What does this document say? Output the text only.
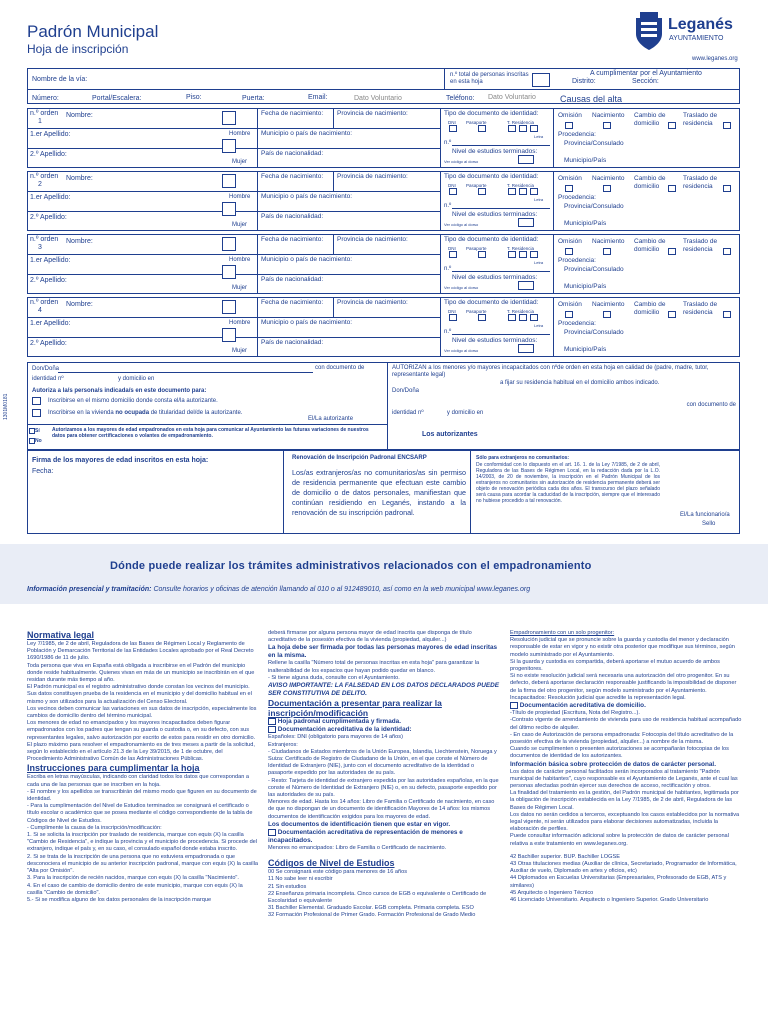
Padrón Municipal
Hoja de inscripción
Leganés
AYUNTAMIENTO
www.leganes.org
Nombre de la vía:
n.º total de personas inscritas en esta hoja
A cumplimentar por el Ayuntamiento
Distrito:	Sección:
Número:	Portal/Escalera:	Piso:	Puerta:	Email:	Dato Voluntario	Teléfono: Dato Voluntario	Causas del alta
n.º orden
1
Nombre:
1.er Apellido:
2.º Apellido:
Hombre
Mujer
Fecha de nacimiento: Provincia de nacimiento:
Municipio o país de nacimiento:
País de nacionalidad:
Tipo de documento de identidad:
DNI Pasaporte	T. Residencia
Letra
n.º
Nivel de estudios terminados:
Ver código al dorso
Omisión Nacimiento Cambio de domicilio
Traslado de residencia
Procedencia:
Provincia/Consulado
Municipio/País
n.º orden
2
Nombre:
1.er Apellido:
2.º Apellido:
Hombre
Mujer
Fecha de nacimiento: Provincia de nacimiento:
Municipio o país de nacimiento:
País de nacionalidad:
Tipo de documento de identidad:
DNI Pasaporte	T. Residencia
Letra
n.º
Nivel de estudios terminados:
Ver código al dorso
Omisión Nacimiento Cambio de domicilio
Traslado de residencia
Procedencia:
Provincia/Consulado
Municipio/País
n.º orden
3
Nombre:
1.er Apellido:
2.º Apellido:
Hombre
Mujer
Fecha de nacimiento: Provincia de nacimiento:
Municipio o país de nacimiento:
País de nacionalidad:
Tipo de documento de identidad:
DNI Pasaporte	T. Residencia
Letra
n.º
Nivel de estudios terminados:
Ver código al dorso
Omisión Nacimiento Cambio de domicilio
Traslado de residencia
Procedencia:
Provincia/Consulado
Municipio/País
n.º orden
4
Nombre:
1.er Apellido:
2.º Apellido:
Hombre
Mujer
Fecha de nacimiento: Provincia de nacimiento:
Municipio o país de nacimiento:
País de nacionalidad:
Tipo de documento de identidad:
DNI Pasaporte	T. Residencia
Letra
n.º
Nivel de estudios terminados:
Ver código al dorso
Omisión Nacimiento Cambio de domicilio
Traslado de residencia
Procedencia:
Provincia/Consulado
Municipio/País
Don/Doña	con documento de
identidad nº	y domicilio en
Autoriza a la/s persona/s indicada/s en este documento para:
Inscribirse en el mismo domicilio donde consta el/la autorizante.
Inscribirse en la vivienda no ocupada de titularidad del/de la autorizante.
El/La autorizante
Sí
No
Autorizamos a los mayores de edad empadronados en esta hoja para comunicar al Ayuntamiento las futuras variaciones de nuestros datos para obtener certificaciones o volantes de empadronamiento.
AUTORIZAN a los menores y/o mayores incapacitados con nºde orden en esta hoja en calidad de (padre, madre, tutor, representante legal)
a fijar su residencia habitual en el domicilio ambos indicado.
Don/Doña
con documento de
identidad nº	y domicilio en
Los autorizantes
Firma de los mayores de edad inscritos en esta hoja:
Fecha:
Renovación de Inscripción Padronal ENCSARP
Los/as extranjeros/as no comunitarios/as sin permiso de residencia permanente que efectuan este cambio de domicilio o de datos personales, manifiestan que continúan residiendo en Leganés, instando a la renovación de su inscripción padronal.
Sólo para extranjeros no comunitarios:
De conformidad con lo dispuesto en el art. 16. 1. de la Ley 7/1985, de 2 de abril, Reguladora de las Bases de Régimen Local, en la redacción dada por la L.O. 14/2003, de 20 de noviembre, la inscripción en el Padrón Municipal de los extranjeros no comunitarios sin autorización de residencia permanente deberá ser objeto de renovación periódica cada dos años. El transcurso del plazo señalado será causa para acordar la caducidad de la inscripción, siempre que el interesado no hubiese procedido a tal renovación.
El/La funcionario/a
Sello
1301M0181
Dónde puede realizar los trámites administrativos relacionados con el empadronamiento
Información presencial y tramitación: Consulte horarios y oficinas de atención llamando al 010 o al 912489010, así como en la web municipal www.leganes.org
Normativa legal

Ley 7/1985, de 2 de abril, Reguladora de las Bases de Régimen Local y Reglamento de Población y Demarcación Territorial de las Entidades Locales aprobado por el Real Decreto 1690/1986 de 11 de julio.

Toda persona que viva en España está obligada a inscribirse en el Padrón del municipio donde reside habitualmente. Quienes vivan en más de un municipio se inscribirán en el que residan durante más tiempo al año.

El Padrón municipal es el registro administrativo donde constan los vecinos del municipio. Sus datos constituyen prueba de la residencia en el municipio y del domicilio habitual en el mismo y son utilizados para la actualización del Censo Electoral.

Los vecinos deben comunicar las variaciones en sus datos de inscripción, especialmente los cambios de domicilio dentro del término municipal.

Los menores de edad no emancipados y los mayores incapacitados deben figurar empadronados con los padres que tengan su guarda o custodia o, en su defecto, con sus representantes legales, salvo autorización por escrito de estos para residir en otro domicilio. El plazo máximo para resolver el empadronamiento es de tres meses a partir de la solicitud, según lo establecido en el artículo 21.3 de la Ley 39/2015, de 1 de octubre, del Procedimiento Administrativo Común de las Administraciones Públicas.

Instrucciones para cumplimentar la hoja

Escriba en letras mayúsculas, indicando con claridad todos los datos que correspondan a cada una de las personas que se inscriben en la hoja.

- El nombre y los apellidos se transcribirán del mismo modo que figuren en su documento de identidad.

- Para la cumplimentación del Nivel de Estudios terminados se consignará el certificado o título escolar o académico que se posea mediante el código correspondiente de la tabla de Códigos de Nivel de Estudios.

- Cumplimente la causa de la inscripción/modificación:

1. Si se solicita la inscripción por traslado de residencia, marque con equis (X) la casilla "Cambio de Residencia", e indique la provincia y el municipio de procedencia. Si procede del extranjero, indique el país y, en su caso, el consulado español donde estaba inscrito.

2. Si se trata de la inscripción de una persona que no estuviera empadronada o que desconociera el municipio de su anterior inscripción padronal, marque con equis (X) la casilla "Alta por Omisión".

3. Para la inscripción de recién nacidos, marque con equis (X) la casilla "Nacimiento".

4. En el caso de cambio de domicilio dentro de este municipio, marque con equis (X) la casilla "Cambio de domicilio".

5.- Si se modifica alguno de los datos personales de la inscripción marque

deberá firmarse por alguna persona mayor de edad inscrita que disponga de título acreditativo de la posesión efectiva de la vivienda (propiedad, alquiler...)

La hoja debe ser firmada por todas las personas mayores de edad inscritas en la misma.

Rellene la casilla "Número total de personas inscritas en esta hoja" para garantizar la inalterabilidad de los espacios que hayan podido quedar en blanco.

- Si tiene alguna duda, consulte con el Ayuntamiento.

AVISO IMPORTANTE: LA FALSEDAD EN LOS DATOS DECLARADOS PUEDE SER CONSTITUTIVA DE DELITO.

Documentación a presentar para realizar la inscripción/modificación

Hoja padronal cumplimentada y firmada.

Documentación acreditativa de la identidad:

Españoles: DNI (obligatorio para mayores de 14 años)

Extranjeros:

- Ciudadanos de Estados miembros de la Unión Europea, Islandia, Liechtenstein, Noruega y Suiza: Certificado de Registro de Ciudadano de la Unión, en el que conste el Número de Identidad de Extranjero (NIE), junto con el documento acreditativo de la identidad o pasaporte expedido por las autoridades de su país.

- Resto: Tarjeta de identidad de extranjero expedida por las autoridades españolas, en la que conste el Número de Identidad de Extranjero (NIE) o, en su defecto, pasaporte expedido por las autoridades de su país.

Menores de edad. Hasta los 14 años: Libro de Familia o Certificado de nacimiento, en caso de que no dispongan de un documento de identificación Mayores de 14 años: los mismos documentos de identificación exigidos para los mayores de edad.

Los documentos de identificación tienen que estar en vigor.

Documentación acreditativa de representación de menores e incapacitados.

Menores no emancipados: Libro de Familia o Certificado de nacimiento.

Códigos de Nivel de Estudios

00 Se consignará este código para menores de 16 años

11 No sabe leer ni escribir

21 Sin estudios

22 Enseñanza primaria incompleta. Cinco cursos de EGB o equivalente o Certificado de Escolaridad o equivalente

31 Bachiller Elemental. Graduado Escolar. EGB completa. Primaria completa. ESO

32 Formación Profesional de Primer Grado. Formación Profesional de Grado Medio

Empadronamiento con un solo progenitor:

Resolución judicial que se pronuncie sobre la guarda y custodia del menor y declaración responsable de estar en vigor y no existir otra posterior que modifique sus términos, según modelo suministrado por el Ayuntamiento.

Si la guarda y custodia es compartida, deberá aportarse el mutuo acuerdo de ambos progenitores.

Si no existe resolución judicial será necesaria una autorización del otro progenitor. En su defecto, deberá aportarse declaración responsable justificando la imposibilidad de disponer de la firma del otro progenitor, según modelo suministrado por el Ayuntamiento.

Incapacitados: Resolución judicial que acredite la representación legal.

Documentación acreditativa de domicilio.

-Título de propiedad (Escritura, Nota del Registro...).

-Contrato vigente de arrendamiento de vivienda para uso de residencia habitual acompañado del último recibo de alquiler.

- En caso de Autorización de persona empadronada: Fotocopia del título acreditativo de la posesión efectiva de la vivienda (propiedad, alquiler...) a nombre de la misma.

Cuando se cumplimenten o presenten autorizaciones se acompañarán fotocopias de los documentos de identidad de los autorizantes.

Información básica sobre protección de datos de carácter personal.

Los datos de carácter personal facilitados serán incorporados al tratamiento "Padrón municipal de habitantes", cuyo responsable es el Ayuntamiento de Leganés, ante el cual las personas afectadas podrán ejercer sus derechos de acceso, rectificación y otros.

La finalidad del tratamiento es la gestión, del Padrón municipal de habitantes, legitimada por la obligación de inscripción establecida en la Ley 7/1985, de 2 de abril, Reguladora de las Bases de Régimen Local.

Los datos no serán cedidos a terceros, exceptuando los casos establecidos por la normativa legal vigente, ni serán utilizados para elaborar decisiones automatizadas, incluida la elaboración de perfiles.

Puede consultar información adicional sobre la protección de datos de carácter personal relativa a este tratamiento en www.leganes.org.

42 Bachiller superior. BUP. Bachiller LOGSE

43 Otras titulaciones medias (Auxiliar de clínica, Secretariado, Programador de Informática, Auxiliar de vuelo, Diplomado en artes y oficios, etc)

44 Diplomados en Escuelas Universitarias (Empresariales, Profesorado de EGB, ATS y similares)

45 Arquitecto o Ingeniero Técnico

46 Licenciado Universitario. Arquitecto o Ingeniero Superior. Grado Universitario
